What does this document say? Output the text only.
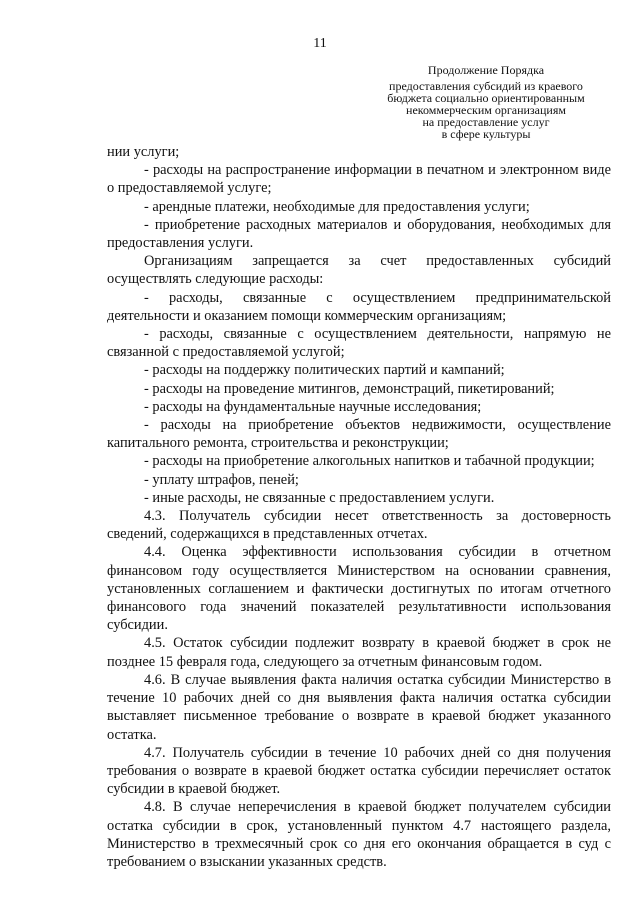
11
Продолжение Порядка
предоставления субсидий из краевого
бюджета социально ориентированным
некоммерческим организациям
на предоставление услуг
в сфере культуры

нии услуги;

- расходы на распространение информации в печатном и электронном виде о предоставляемой услуге;

- арендные платежи, необходимые для предоставления услуги;

- приобретение расходных материалов и оборудования, необходимых для предоставления услуги.

Организациям запрещается за счет предоставленных субсидий осуществлять следующие расходы:

- расходы, связанные с осуществлением предпринимательской деятельности и оказанием помощи коммерческим организациям;

- расходы, связанные с осуществлением деятельности, напрямую не связанной с предоставляемой услугой;

- расходы на поддержку политических партий и кампаний;

- расходы на проведение митингов, демонстраций, пикетирований;

- расходы на фундаментальные научные исследования;

- расходы на приобретение объектов недвижимости, осуществление капитального ремонта, строительства и реконструкции;

- расходы на приобретение алкогольных напитков и табачной продукции;

- уплату штрафов, пеней;

- иные расходы, не связанные с предоставлением услуги.

4.3. Получатель субсидии несет ответственность за достоверность сведений, содержащихся в представленных отчетах.

4.4. Оценка эффективности использования субсидии в отчетном финансовом году осуществляется Министерством на основании сравнения, установленных соглашением и фактически достигнутых по итогам отчетного финансового года значений показателей результативности использования субсидии.

4.5. Остаток субсидии подлежит возврату в краевой бюджет в срок не позднее 15 февраля года, следующего за отчетным финансовым годом.

4.6. В случае выявления факта наличия остатка субсидии Министерство в течение 10 рабочих дней со дня выявления факта наличия остатка субсидии выставляет письменное требование о возврате в краевой бюджет указанного остатка.

4.7. Получатель субсидии в течение 10 рабочих дней со дня получения требования о возврате в краевой бюджет остатка субсидии перечисляет остаток субсидии в краевой бюджет.

4.8. В случае неперечисления в краевой бюджет получателем субсидии остатка субсидии в срок, установленный пунктом 4.7 настоящего раздела, Министерство в трехмесячный срок со дня его окончания обращается в суд с требованием о взыскании указанных средств.
